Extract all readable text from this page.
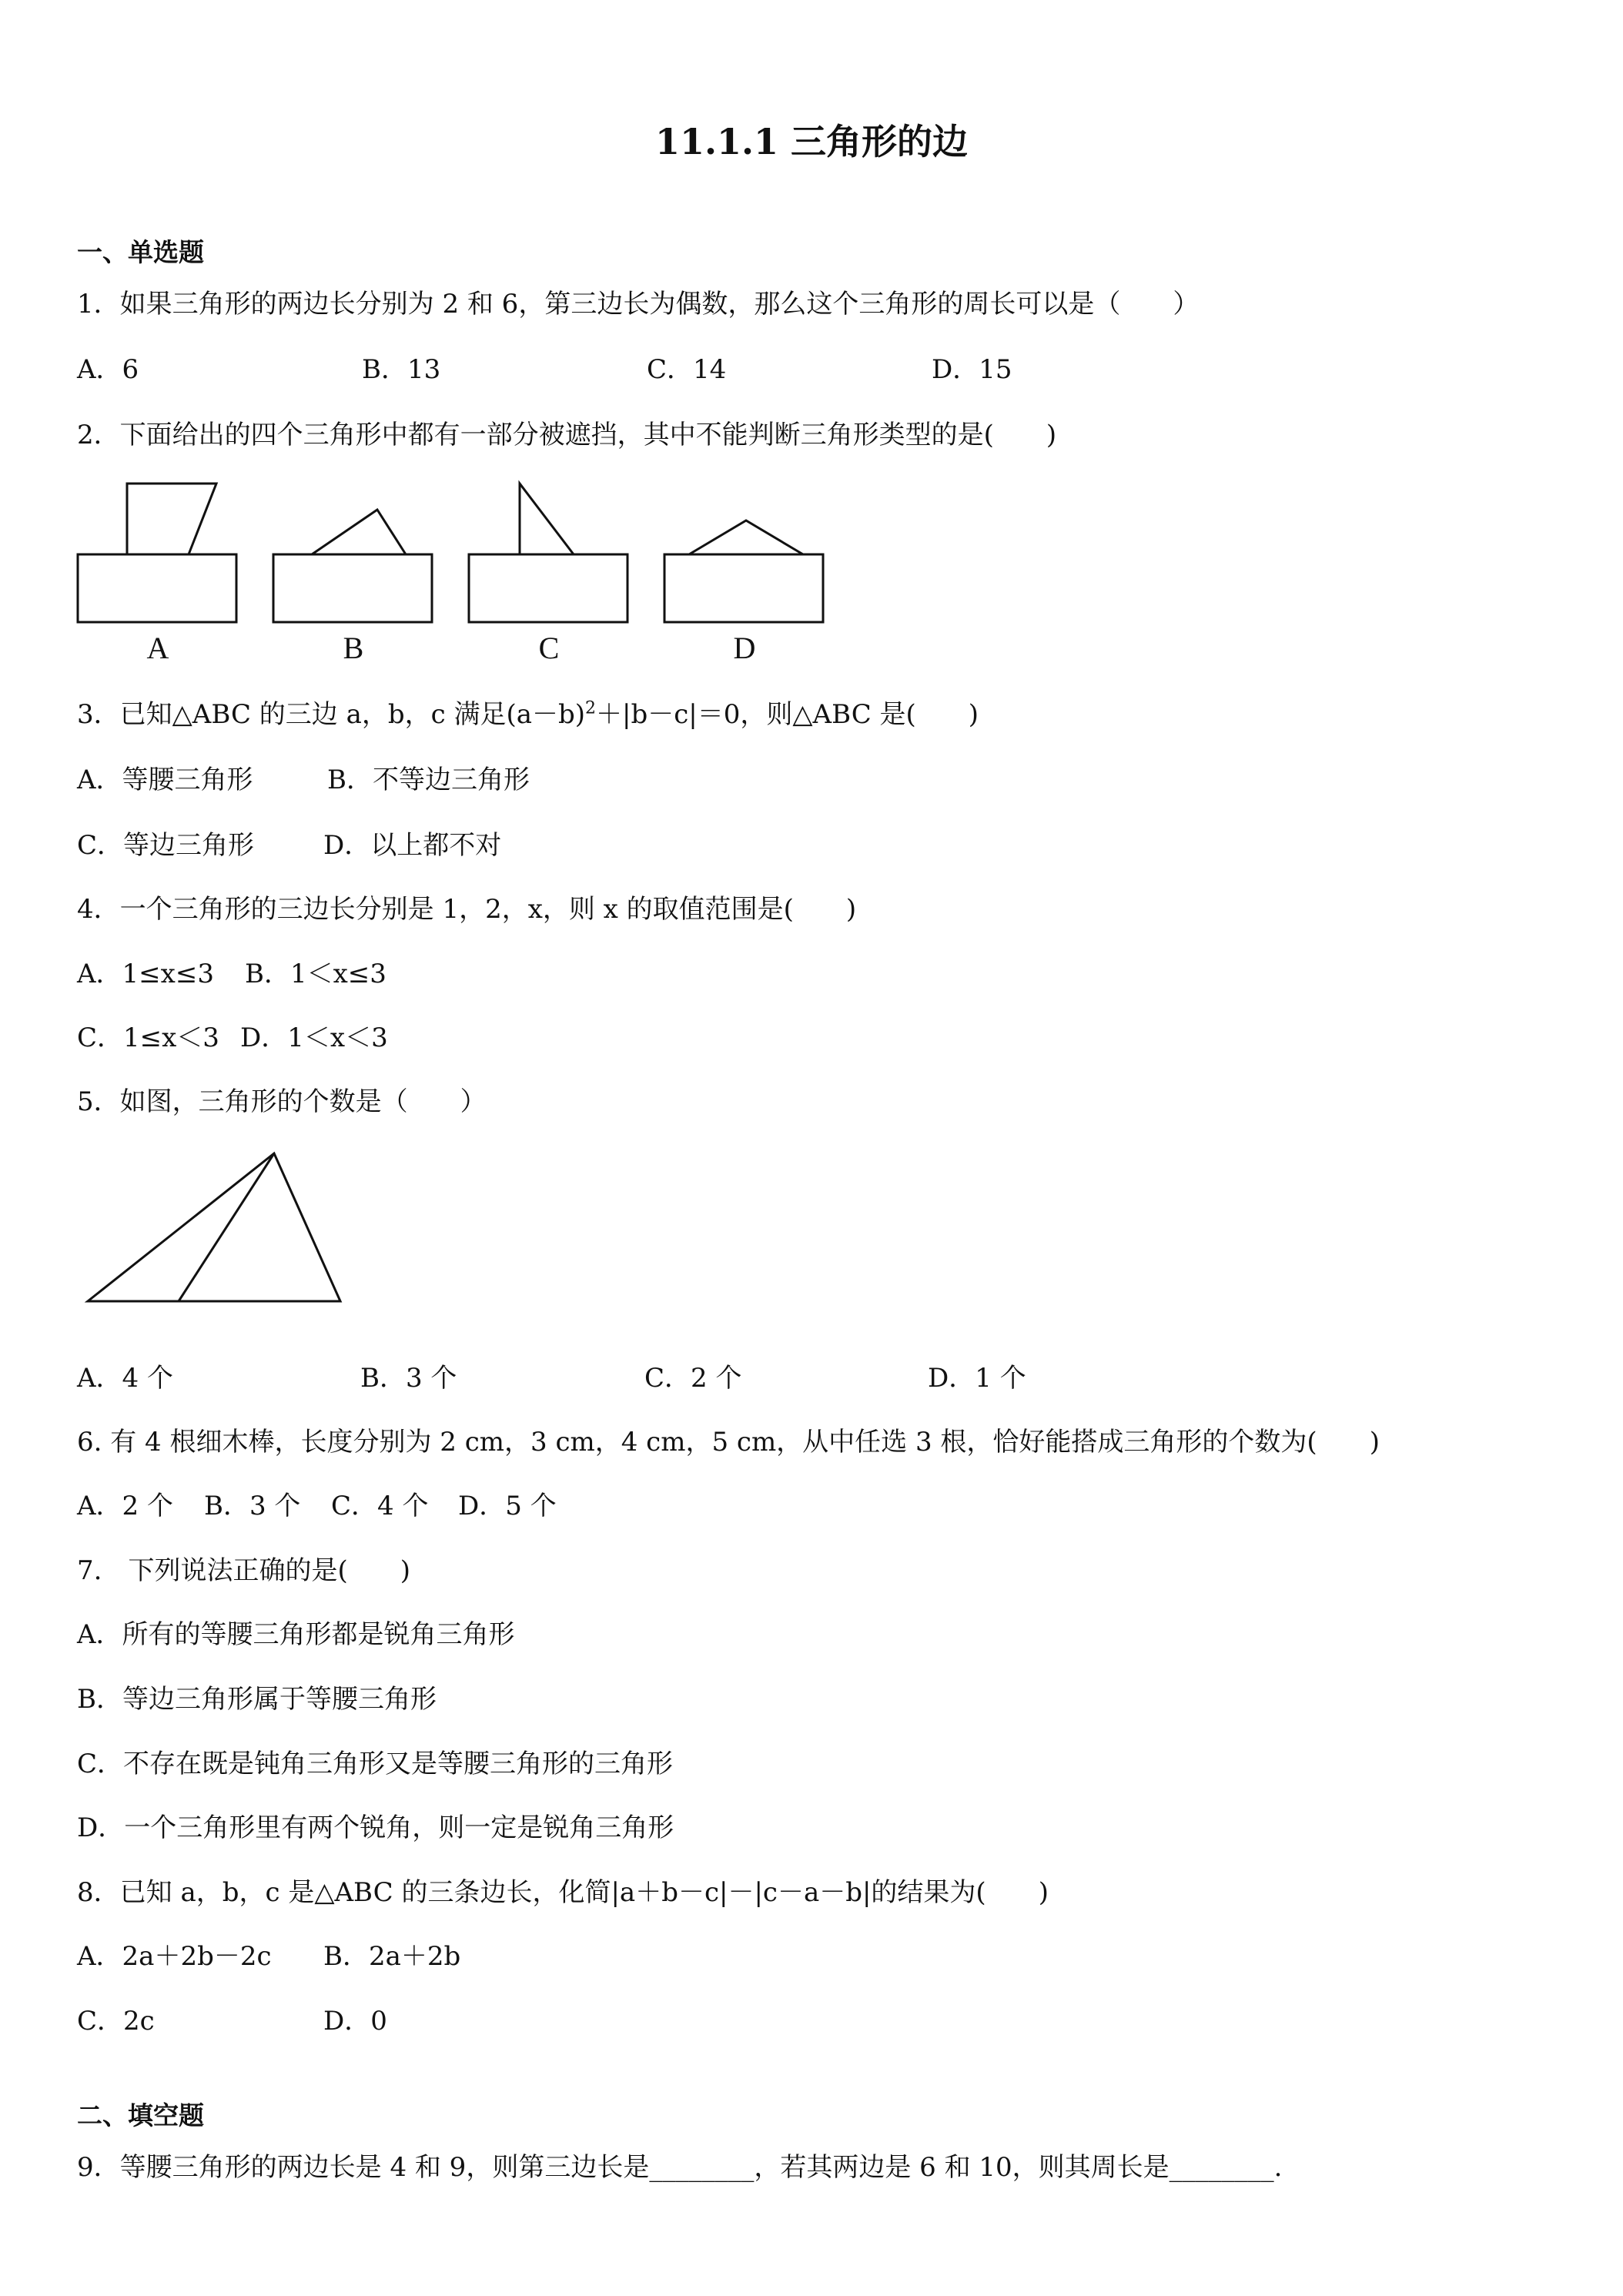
11.1.1 三角形的边
一、单选题
1．如果三角形的两边长分别为 2 和 6，第三边长为偶数，那么这个三角形的周长可以是（　　）
A．6	B．13	C．14	D．15
2．下面给出的四个三角形中都有一部分被遮挡，其中不能判断三角形类型的是(　　)
A	B	C	D
3．已知△ABC 的三边 a，b，c 满足$(a-b)^2+|b-c|=0$，则△ABC 是(　　)
A．等腰三角形	B．不等边三角形
C．等边三角形	D．以上都不对
4．一个三角形的三边长分别是 1，2，x，则 x 的取值范围是(　　)
A．1≤x≤3 B．1＜x≤3
C．1≤x＜3 D．1＜x＜3
5．如图，三角形的个数是（　　）
A．4 个	B．3 个	C．2 个	D．1 个
6. 有 4 根细木棒，长度分别为 2 cm，3 cm，4 cm，5 cm，从中任选 3 根，恰好能搭成三角形的个数为(　　)
A．2 个 B．3 个 C．4 个 D．5 个
7.　下列说法正确的是(　　)
A．所有的等腰三角形都是锐角三角形
B．等边三角形属于等腰三角形
C．不存在既是钝角三角形又是等腰三角形的三角形
D．一个三角形里有两个锐角，则一定是锐角三角形
8．已知 a，b，c 是△ABC 的三条边长，化简|a＋b－c|－|c－a－b|的结果为(　　)
A．2a＋2b－2c B．2a＋2b
C．2c	D．0
二、填空题
9．等腰三角形的两边长是 4 和 9，则第三边长是________，若其两边是 6 和 10，则其周长是________.
